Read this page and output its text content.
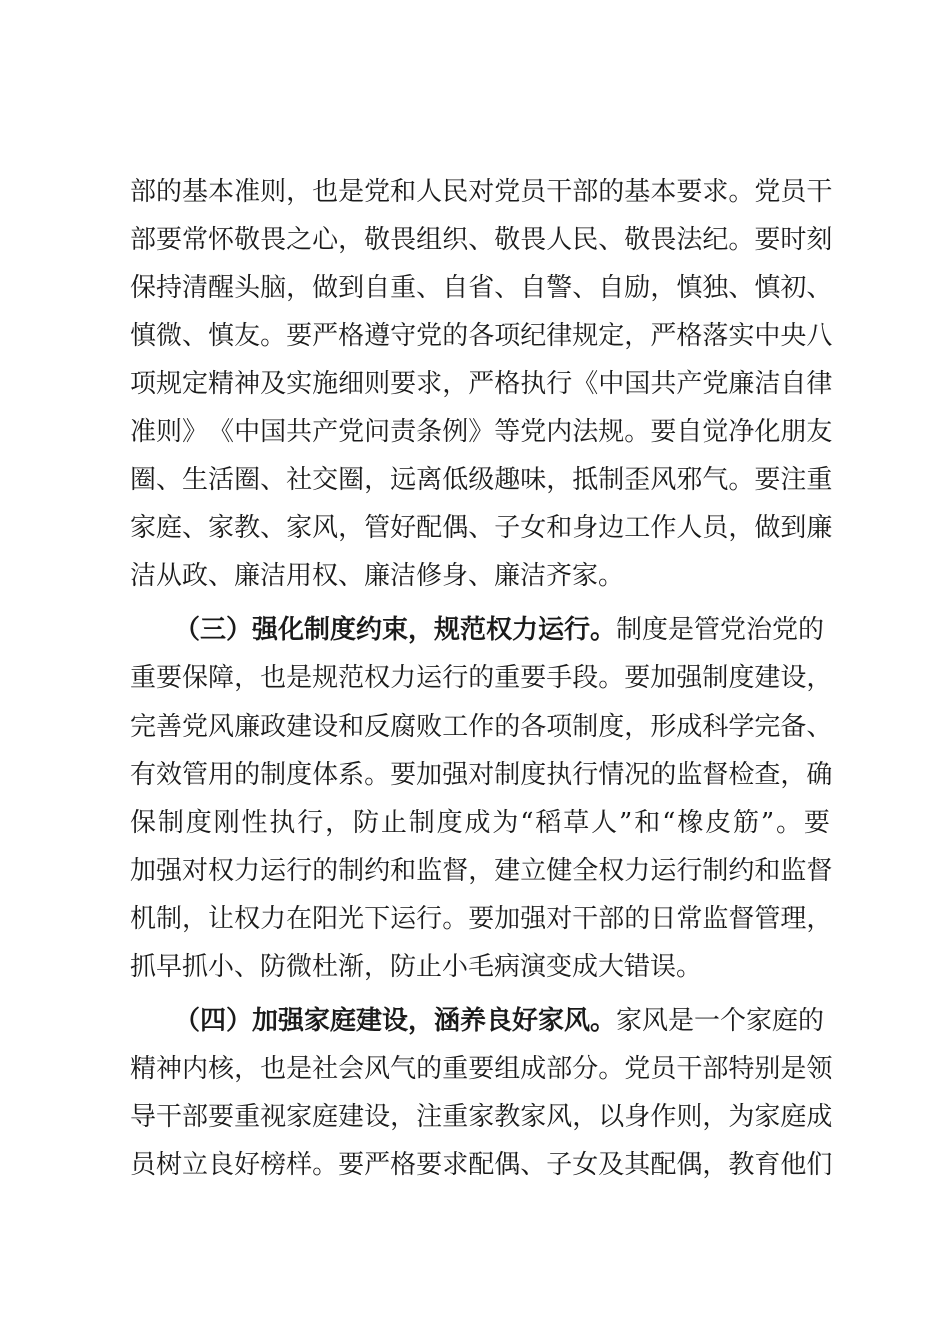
部 的 基 本 准 则 ， 也 是 党 和 人 民 对 党 员 干 部 的 基 本 要 求 。 党 员 干
部 要 常 怀 敬 畏 之 心 ， 敬 畏 组 织 、 敬 畏 人 民 、 敬 畏 法 纪 。 要 时 刻
保 持 清 醒 头 脑 ， 做 到 自 重 、 自 省 、 自 警 、 自 励 ， 慎 独 、 慎 初 、
慎 微 、 慎 友 。 要 严 格 遵 守 党 的 各 项 纪 律 规 定 ， 严 格 落 实 中 央 八
项 规 定 精 神 及 实 施 细 则 要 求 ， 严 格 执 行 《 中 国 共 产 党 廉 洁 自 律
准 则 》 《 中 国 共 产 党 问 责 条 例 》 等 党 内 法 规 。 要 自 觉 净 化 朋 友
圈 、 生 活 圈 、 社 交 圈 ， 远 离 低 级 趣 味 ， 抵 制 歪 风 邪 气 。 要 注 重
家 庭 、 家 教 、 家 风 ， 管 好 配 偶 、 子 女 和 身 边 工 作 人 员 ， 做 到 廉
洁从政、廉洁用权、廉洁修身、廉洁齐家。
（三）强化制度约束，规范权力运行。制度是管党治党的
重 要 保 障 ， 也 是 规 范 权 力 运 行 的 重 要 手 段 。 要 加 强 制 度 建 设 ，
完 善 党 风 廉 政 建 设 和 反 腐 败 工 作 的 各 项 制 度 ， 形 成 科 学 完 备 、
有 效 管 用 的 制 度 体 系 。 要 加 强 对 制 度 执 行 情 况 的 监 督 检 查 ， 确
保 制 度 刚 性 执 行 ， 防 止 制 度 成 为 “ 稻 草 人 ” 和 “ 橡 皮 筋 ” 。 要
加 强 对 权 力 运 行 的 制 约 和 监 督 ， 建 立 健 全 权 力 运 行 制 约 和 监 督
机 制 ， 让 权 力 在 阳 光 下 运 行 。 要 加 强 对 干 部 的 日 常 监 督 管 理 ，
抓早抓小、防微杜渐，防止小毛病演变成大错误。
（四）加强家庭建设，涵养良好家风。家风是一个家庭的
精 神 内 核 ， 也 是 社 会 风 气 的 重 要 组 成 部 分 。 党 员 干 部 特 别 是 领
导 干 部 要 重 视 家 庭 建 设 ， 注 重 家 教 家 风 ， 以 身 作 则 ， 为 家 庭 成
员 树 立 良 好 榜 样 。 要 严 格 要 求 配 偶 、 子 女 及 其 配 偶 ， 教 育 他 们
